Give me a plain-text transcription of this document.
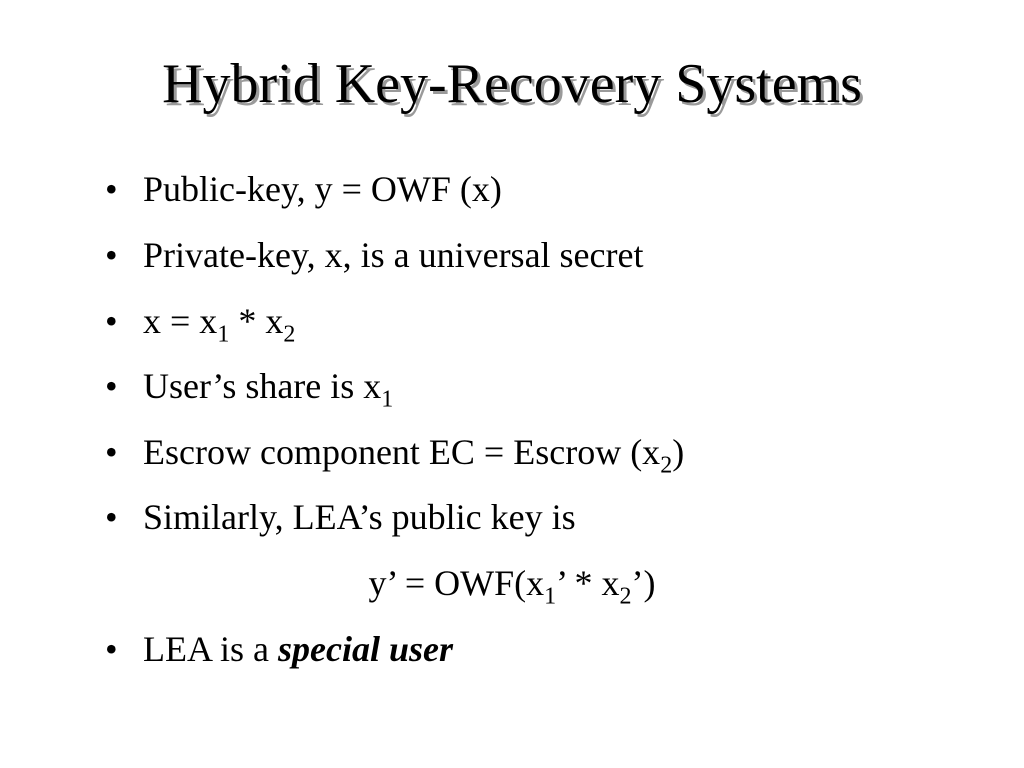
Hybrid Key-Recovery Systems
• Public-key, y = OWF (x)
• Private-key, x, is a universal secret
• $x = x_1 * x_2$
• User’s share is $x_1$
• Escrow component EC = Escrow $(x_2)$
• Similarly, LEA’s public key is
y’ = $OWF(x_1$’ * $x_2$’)
• LEA is a special user
